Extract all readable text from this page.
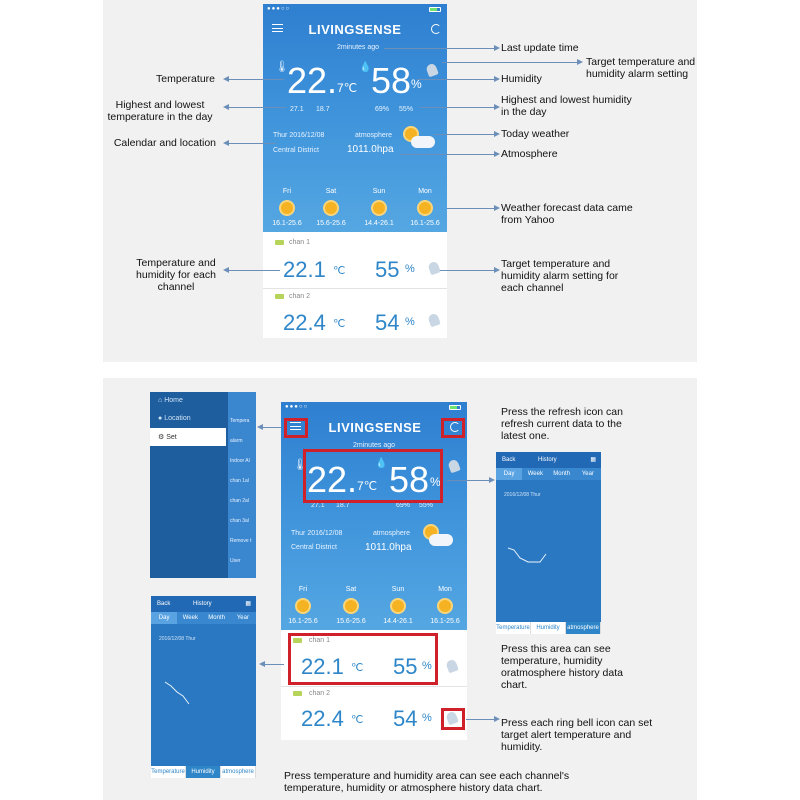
●●●○○
LIVINGSENSE
2minutes ago
🌡
22. 7℃
💧 58 %
27.1 18.7	69% 55%
Thur 2016/12/08	atmosphere
Central District	1011.0hpa
Fri
16.1-25.6
Sat
15.6-25.6
Sun
14.4-26.1
Mon
16.1-25.6
chan 1
22.1 ℃ 55 %
chan 2
22.4 ℃ 54 %
Last update time
Target temperature and humidity alarm setting
Temperature	Humidity
Highest and lowest temperature in the day
Highest and lowest humidity in the day
Calendar and location
Today weather
Atmosphere
Weather forecast data came from Yahoo
Temperature and humidity for each channel
Target temperature and humidity alarm setting for each channel
⌂ Home
● Location
⚙ Set
Tempera
alarm
Indoor Al
chan 1al
chan 2al
chan 3al
Remove t
User
●●●○○
LIVINGSENSE
2minutes ago
🌡 22. 7℃
💧 58 %
27.1 18.7	69% 55%
Thur 2016/12/08	atmosphere
Central District	1011.0hpa
Fri
16.1-25.6
Sat
15.6-25.6
Sun
14.4-26.1
Mon
16.1-25.6
chan 1
22.1 ℃ 55 %
chan 2
22.4 ℃ 54 %
Back	History	▦
Day	Week	Month	Year
2016/12/08 Thur
Temperature	Humidity	atmosphere
Back	History	▦
Day	Week	Month	Year
2016/12/08 Thur
Temperature	Humidity	atmosphere
Press the refresh icon can refresh current data to the latest one.
Press this area can see temperature, humidity oratmosphere history data chart.
Press each ring bell icon can set target alert temperature and humidity.
Press temperature and humidity area can see each channel's temperature, humidity or atmosphere history data chart.
